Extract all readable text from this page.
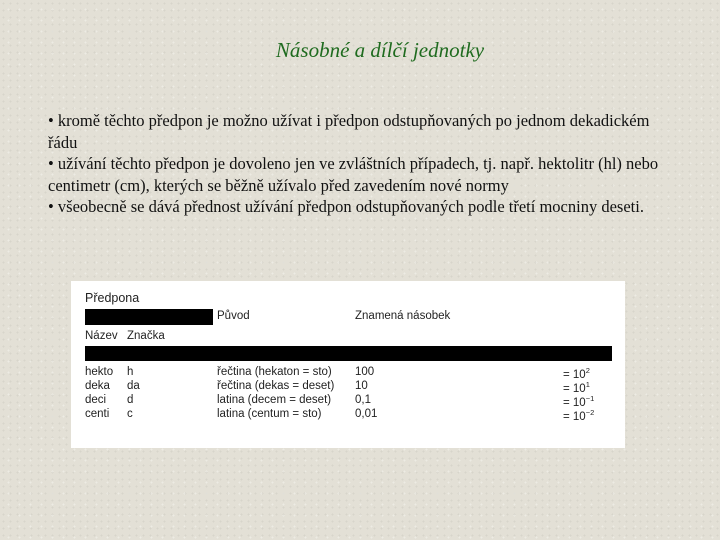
Násobné a dílčí jednotky

• kromě těchto předpon je možno užívat i předpon odstupňovaných po jednom dekadickém řádu

• užívání těchto předpon je dovoleno jen ve zvláštních případech, tj. např. hektolitr (hl) nebo centimetr (cm), kterých se běžně užívalo před zavedením nové normy

• všeobecně se dává přednost užívání předpon odstupňovaných podle třetí mocniny deseti.

Předpona
Původ	Znamená násobek
Název Značka
hekto h	řečtina (hekaton = sto) 100	= $10^2$
deka da	řečtina (dekas = deset) 10	= $10^1$
deci d	latina (decem = deset) 0,1	= $10^{-1}$
centi c	latina (centum = sto)	0,01	= $10^{-2}$
